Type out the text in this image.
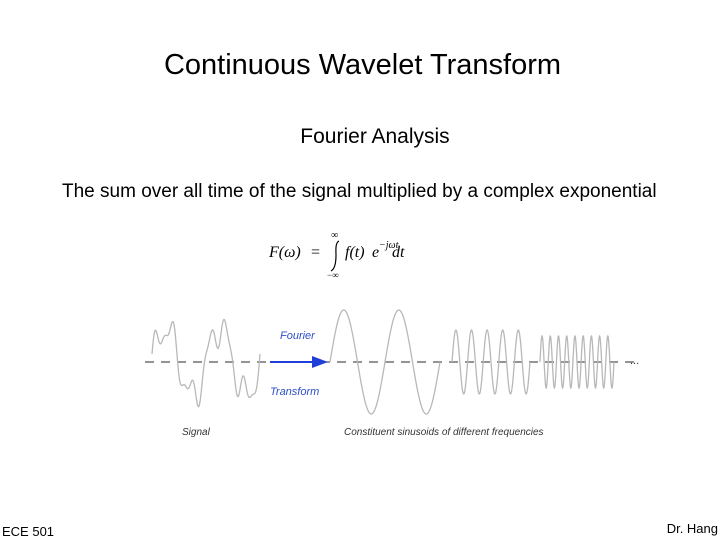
Continuous Wavelet Transform
Fourier Analysis
The sum over all time of the signal multiplied by a complex exponential
F(ω) =
∞
−∞
f(t) e −jωt
dt
Fourier
Transform
...
Signal	Constituent sinusoids of different frequencies
ECE 501	Dr. Hang
